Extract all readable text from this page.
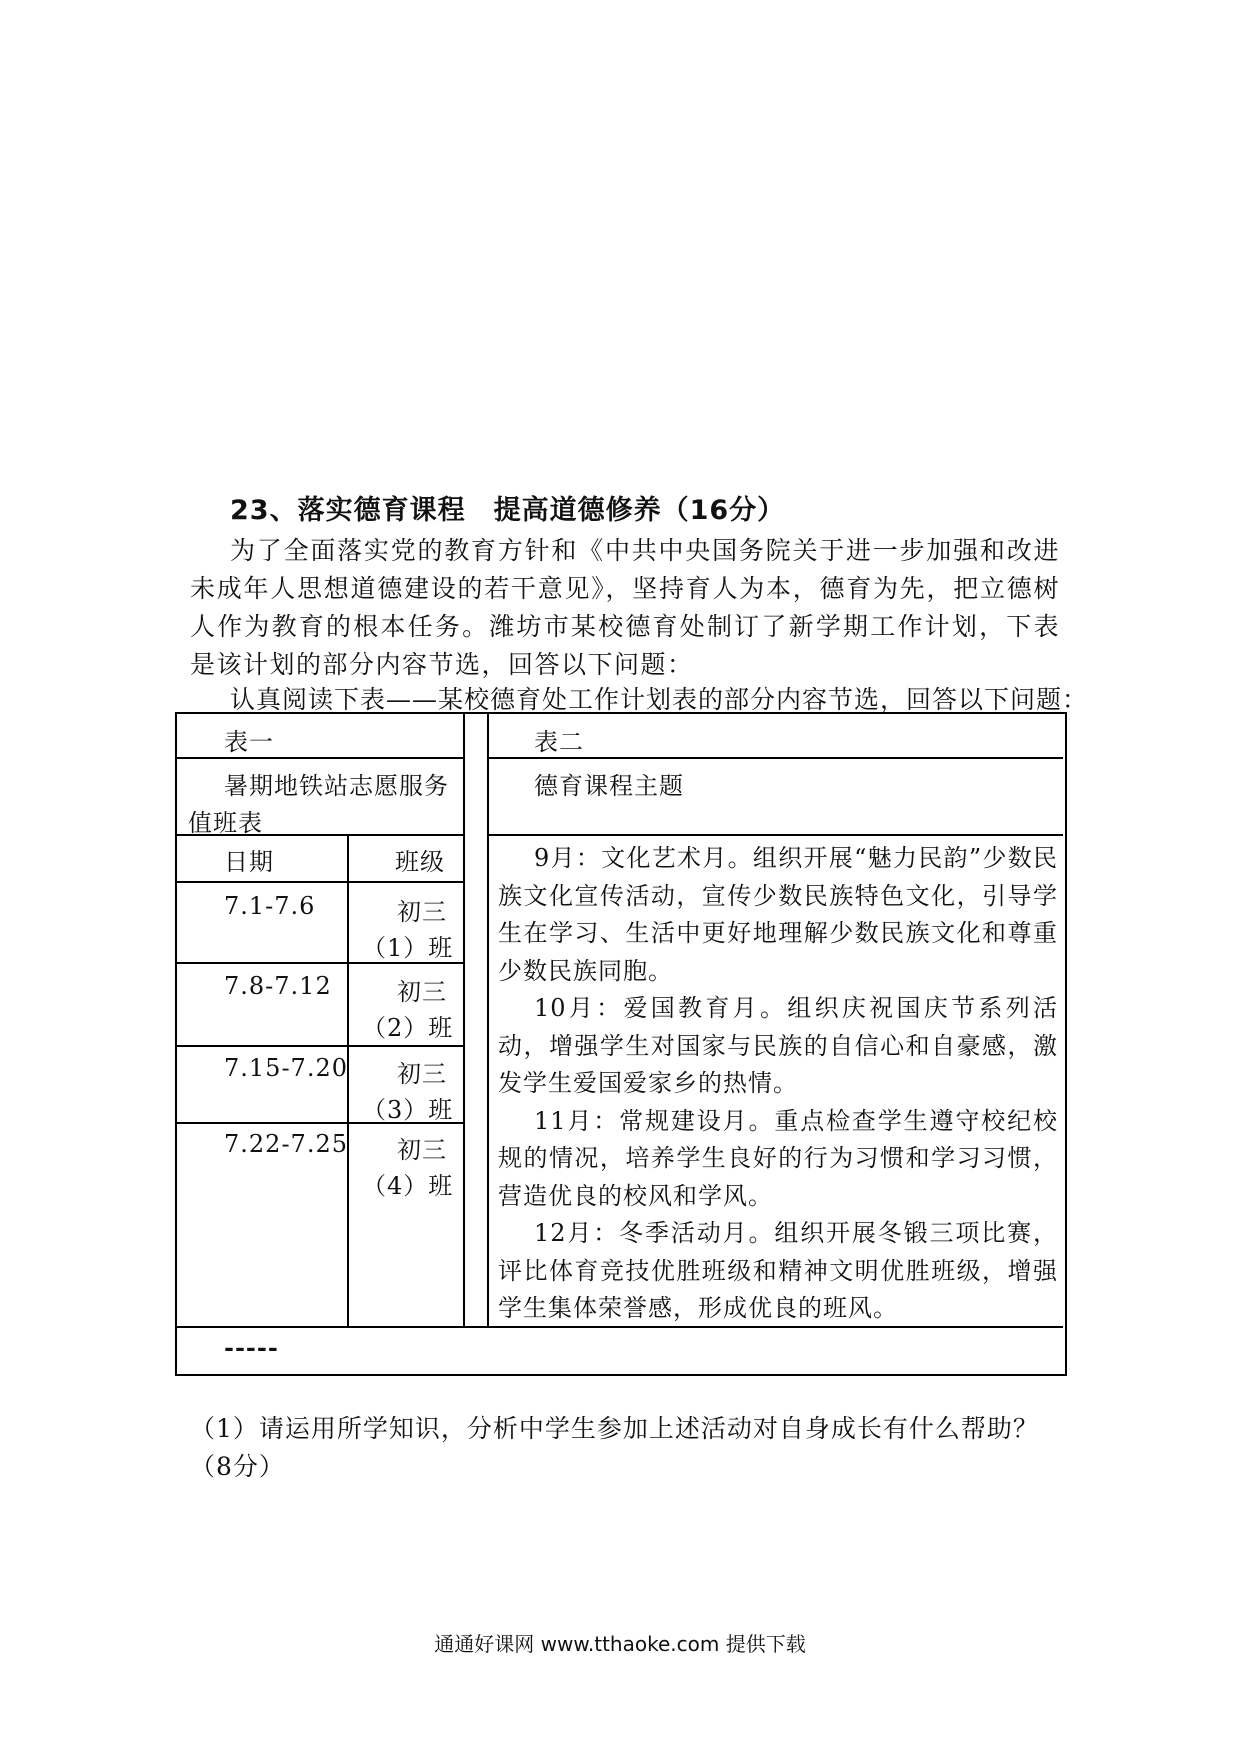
23、落实德育课程　提高道德修养（16分）
为了全面落实党的教育方针和《中共中央国务院关于进一步加强和改进未成年人思想道德建设的若干意见》，坚持育人为本，德育为先，把立德树人作为教育的根本任务。潍坊市某校德育处制订了新学期工作计划，下表是该计划的部分内容节选，回答以下问题：
认真阅读下表——某校德育处工作计划表的部分内容节选，回答以下问题：
表一
暑期地铁站志愿服务
值班表
日期	班级
7.1-7.6	初三
（1）班
7.8-7.12	初三
（2）班
7.15-7.20 初三
（3）班
7.22-7.25 初三
（4）班
表二
德育课程主题

9月：文化艺术月。组织开展“魅力民韵”少数民族文化宣传活动，宣传少数民族特色文化，引导学生在学习、生活中更好地理解少数民族文化和尊重少数民族同胞。

10月：爱国教育月。组织庆祝国庆节系列活动，增强学生对国家与民族的自信心和自豪感，激发学生爱国爱家乡的热情。

11月：常规建设月。重点检查学生遵守校纪校规的情况，培养学生良好的行为习惯和学习习惯，营造优良的校风和学风。

12月：冬季活动月。组织开展冬锻三项比赛，评比体育竞技优胜班级和精神文明优胜班级，增强学生集体荣誉感，形成优良的班风。

-----
（1）请运用所学知识，分析中学生参加上述活动对自身成长有什么帮助？（8分）
通通好课网 www.tthaoke.com 提供下载
